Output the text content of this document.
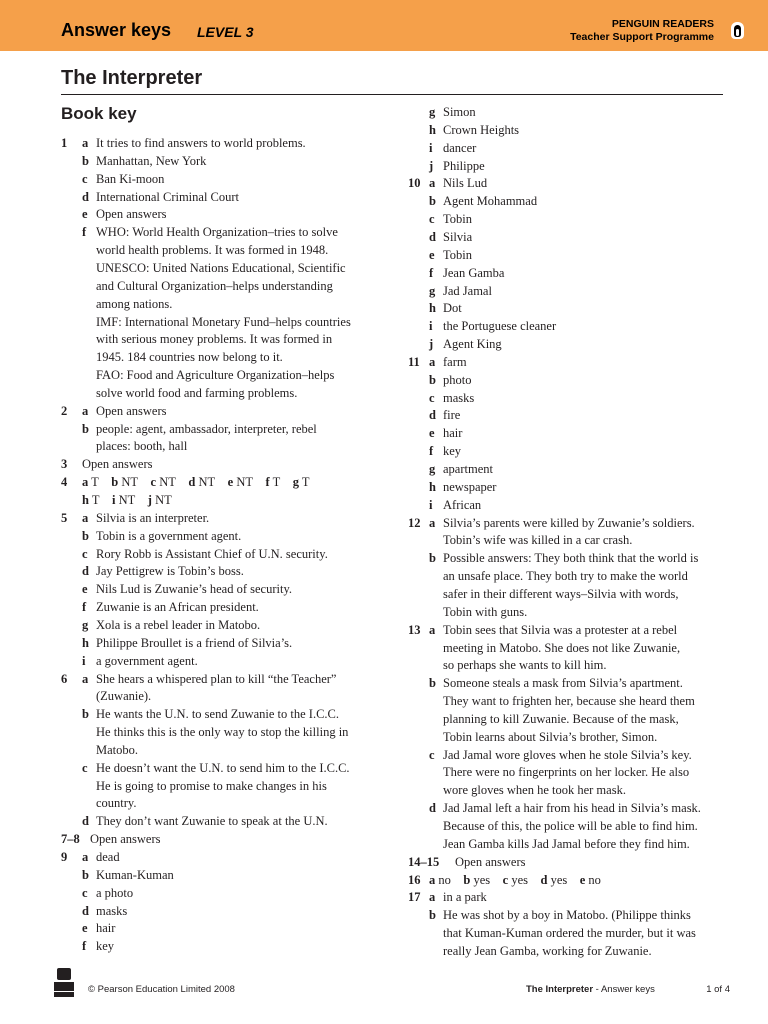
Answer keys LEVEL 3	PENGUIN READERS
Teacher Support Programme
The Interpreter
Book key
1 a It tries to find answers to world problems.
b Manhattan, New York
c Ban Ki-moon
d International Criminal Court
e Open answers
f WHO: World Health Organization–tries to solve
world health problems. It was formed in 1948.
UNESCO: United Nations Educational, Scientific
and Cultural Organization–helps understanding
among nations.
IMF: International Monetary Fund–helps countries
with serious money problems. It was formed in
1945. 184 countries now belong to it.
FAO: Food and Agriculture Organization–helps
solve world food and farming problems.
2 a Open answers
b people: agent, ambassador, interpreter, rebel
places: booth, hall
3 Open answers
4 a T b NT c NT d NT e NT f T g T
h T i NT j NT
5 a Silvia is an interpreter.
b Tobin is a government agent.
c Rory Robb is Assistant Chief of U.N. security.
d Jay Pettigrew is Tobin’s boss.
e Nils Lud is Zuwanie’s head of security.
f Zuwanie is an African president.
g Xola is a rebel leader in Matobo.
h Philippe Broullet is a friend of Silvia’s.
i a government agent.
6 a She hears a whispered plan to kill “the Teacher”
(Zuwanie).
b He wants the U.N. to send Zuwanie to the I.C.C.
He thinks this is the only way to stop the killing in
Matobo.
c He doesn’t want the U.N. to send him to the I.C.C.
He is going to promise to make changes in his
country.
d They don’t want Zuwanie to speak at the U.N.
7–8 Open answers
9 a dead
b Kuman-Kuman
c a photo
d masks
e hair
f key
g Simon
h Crown Heights
i dancer
j Philippe
10 a Nils Lud
b Agent Mohammad
c Tobin
d Silvia
e Tobin
f Jean Gamba
g Jad Jamal
h Dot
i the Portuguese cleaner
j Agent King
11 a farm
b photo
c masks
d fire
e hair
f key
g apartment
h newspaper
i African
12 a Silvia’s parents were killed by Zuwanie’s soldiers.
Tobin’s wife was killed in a car crash.
b Possible answers: They both think that the world is
an unsafe place. They both try to make the world
safer in their different ways–Silvia with words,
Tobin with guns.
13 a Tobin sees that Silvia was a protester at a rebel
meeting in Matobo. She does not like Zuwanie,
so perhaps she wants to kill him.
b Someone steals a mask from Silvia’s apartment.
They want to frighten her, because she heard them
planning to kill Zuwanie. Because of the mask,
Tobin learns about Silvia’s brother, Simon.
c Jad Jamal wore gloves when he stole Silvia’s key.
There were no fingerprints on her locker. He also
wore gloves when he took her mask.
d Jad Jamal left a hair from his head in Silvia’s mask.
Because of this, the police will be able to find him.
Jean Gamba kills Jad Jamal before they find him.
14–15 Open answers
16 a no b yes c yes d yes e no
17 a in a park
b He was shot by a boy in Matobo. (Philippe thinks
that Kuman-Kuman ordered the murder, but it was
really Jean Gamba, working for Zuwanie.
© Pearson Education Limited 2008	The Interpreter - Answer keys	1 of 4
